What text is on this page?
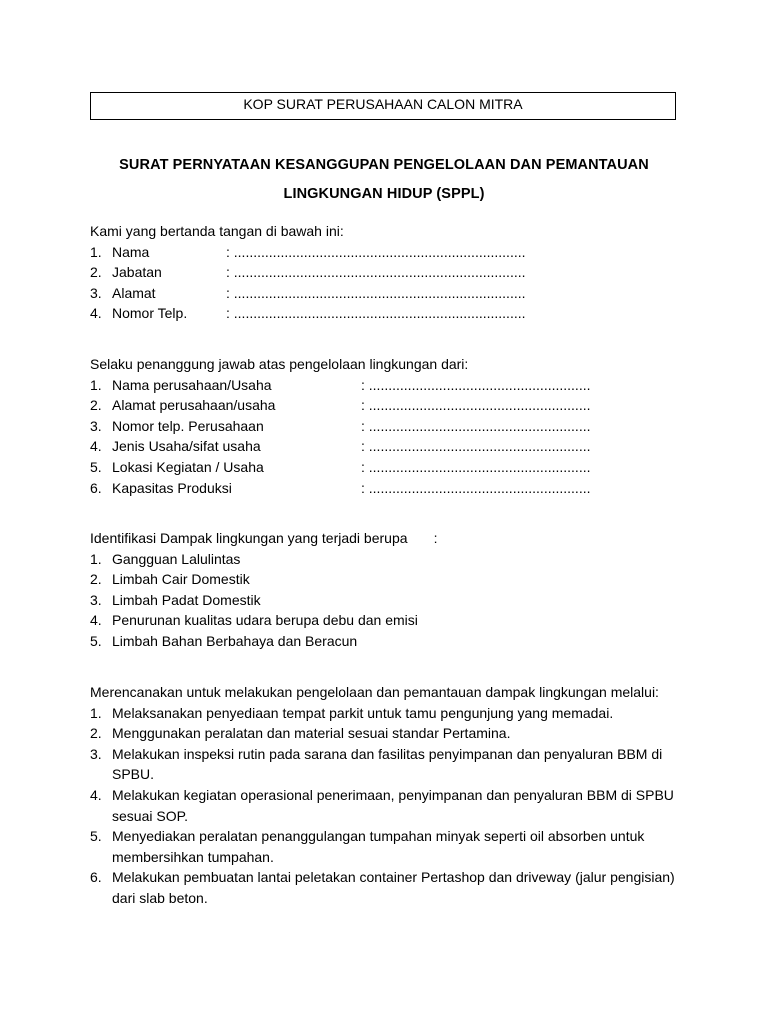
KOP SURAT PERUSAHAAN CALON MITRA
SURAT PERNYATAAN KESANGGUPAN PENGELOLAAN DAN PEMANTAUAN
LINGKUNGAN HIDUP (SPPL)
Kami yang bertanda tangan di bawah ini:
1. Nama	: ...........................................................................
2. Jabatan	: ...........................................................................
3. Alamat	: ...........................................................................
4. Nomor Telp.	: ...........................................................................
Selaku penanggung jawab atas pengelolaan lingkungan dari:
1. Nama perusahaan/Usaha	: .........................................................
2. Alamat perusahaan/usaha	: .........................................................
3. Nomor telp. Perusahaan	: .........................................................
4. Jenis Usaha/sifat usaha	: .........................................................
5. Lokasi Kegiatan / Usaha	: .........................................................
6. Kapasitas Produksi	: .........................................................
Identifikasi Dampak lingkungan yang terjadi berupa :
1. Gangguan Lalulintas
2. Limbah Cair Domestik
3. Limbah Padat Domestik
4. Penurunan kualitas udara berupa debu dan emisi
5. Limbah Bahan Berbahaya dan Beracun
Merencanakan untuk melakukan pengelolaan dan pemantauan dampak lingkungan melalui:
1. Melaksanakan penyediaan tempat parkit untuk tamu pengunjung yang memadai.
2. Menggunakan peralatan dan material sesuai standar Pertamina.
3. Melakukan inspeksi rutin pada sarana dan fasilitas penyimpanan dan penyaluran BBM di SPBU.
4. Melakukan kegiatan operasional penerimaan, penyimpanan dan penyaluran BBM di SPBU sesuai SOP.
5. Menyediakan peralatan penanggulangan tumpahan minyak seperti oil absorben untuk membersihkan tumpahan.
6. Melakukan pembuatan lantai peletakan container Pertashop dan driveway (jalur pengisian) dari slab beton.
